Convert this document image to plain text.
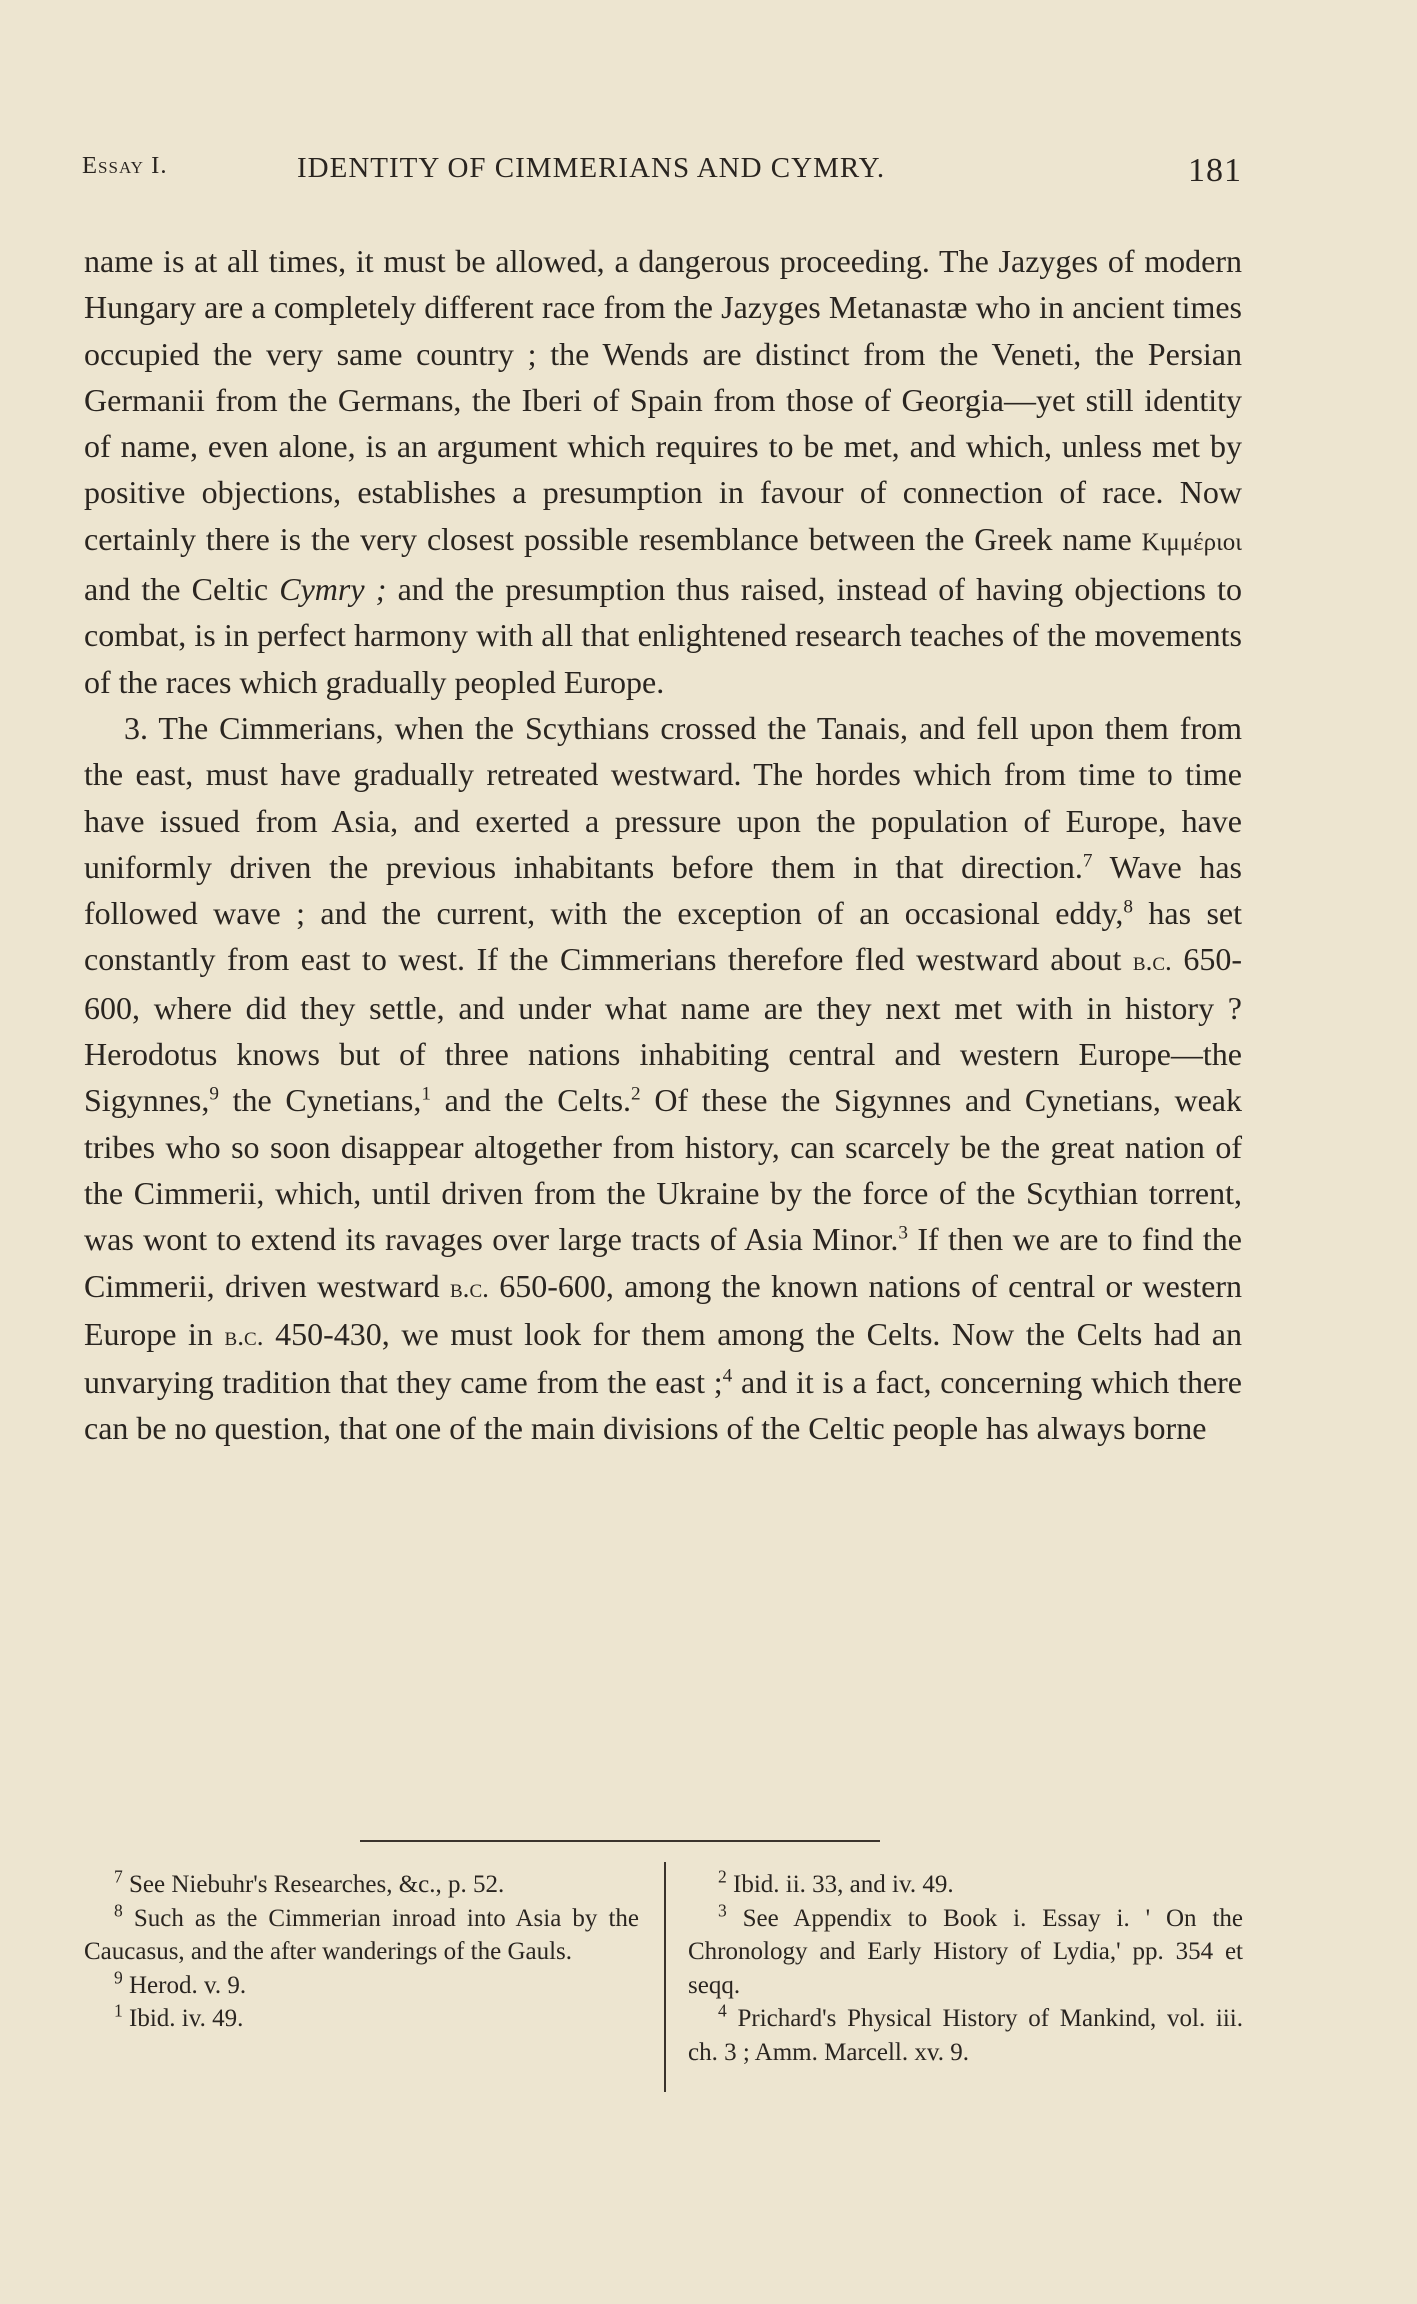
Essay I.	IDENTITY OF CIMMERIANS AND CYMRY.	181

name is at all times, it must be allowed, a dangerous proceeding. The Jazyges of modern Hungary are a completely different race from the Jazyges Metanastæ who in ancient times occupied the very same country ; the Wends are distinct from the Veneti, the Persian Germanii from the Germans, the Iberi of Spain from those of Georgia—yet still identity of name, even alone, is an argument which requires to be met, and which, unless met by positive objections, establishes a presumption in favour of connection of race. Now certainly there is the very closest possible resemblance between the Greek name Κιμμέριοι and the Celtic Cymry ; and the presumption thus raised, instead of having objections to combat, is in perfect harmony with all that enlightened research teaches of the movements of the races which gradually peopled Europe.

3. The Cimmerians, when the Scythians crossed the Tanais, and fell upon them from the east, must have gradually retreated westward. The hordes which from time to time have issued from Asia, and exerted a pressure upon the population of Europe, have uniformly driven the previous inhabitants before them in that direction.$^7$ Wave has followed wave ; and the current, with the exception of an occasional eddy,$^8$ has set constantly from east to west. If the Cimmerians therefore fled westward about b.c. 650-600, where did they settle, and under what name are they next met with in history ? Herodotus knows but of three nations inhabiting central and western Europe—the Sigynnes,$^9$ the Cynetians,$^1$ and the Celts.$^2$ Of these the Sigynnes and Cynetians, weak tribes who so soon disappear altogether from history, can scarcely be the great nation of the Cimmerii, which, until driven from the Ukraine by the force of the Scythian torrent, was wont to extend its ravages over large tracts of Asia Minor.$^3$ If then we are to find the Cimmerii, driven westward b.c. 650-600, among the known nations of central or western Europe in b.c. 450-430, we must look for them among the Celts. Now the Celts had an unvarying tradition that they came from the east ;$^4$ and it is a fact, concerning which there can be no question, that one of the main divisions of the Celtic people has always borne

$^7$ See Niebuhr's Researches, &c., p. 52.

$^8$ Such as the Cimmerian inroad into Asia by the Caucasus, and the after wanderings of the Gauls.

$^9$ Herod. v. 9.

$^1$ Ibid. iv. 49.

$^2$ Ibid. ii. 33, and iv. 49.

$^3$ See Appendix to Book i. Essay i. ' On the Chronology and Early History of Lydia,' pp. 354 et seqq.

$^4$ Prichard's Physical History of Mankind, vol. iii. ch. 3 ; Amm. Marcell. xv. 9.
